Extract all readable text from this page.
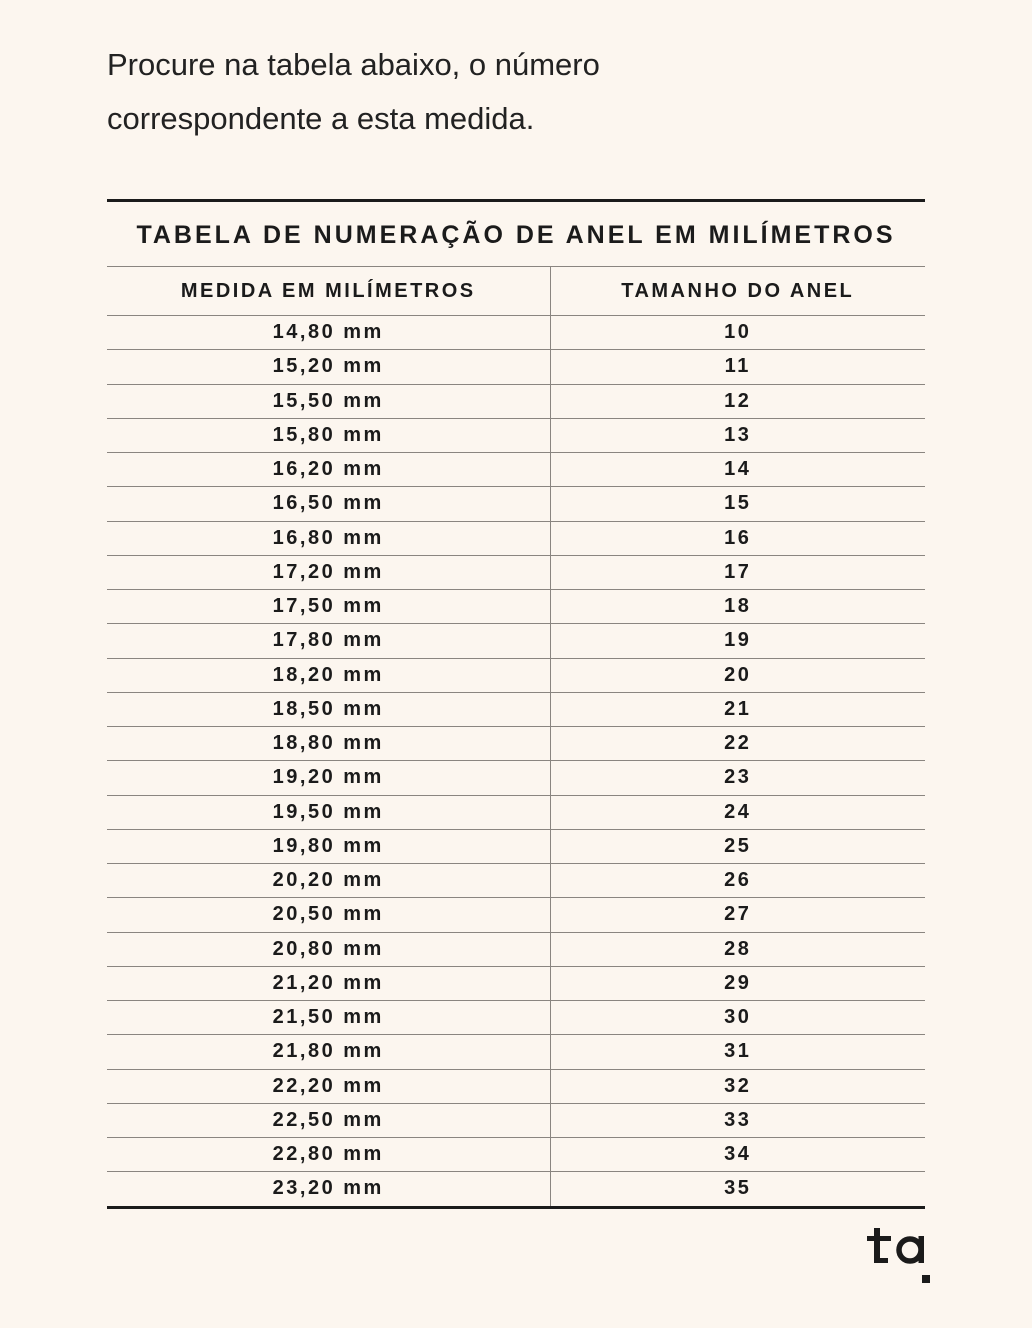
Procure na tabela abaixo, o número
correspondente a esta medida.

TABELA DE NUMERAÇÃO DE ANEL EM MILÍMETROS
MEDIDA EM MILÍMETROS	TAMANHO DO ANEL
14,80 mm	10
15,20 mm	11
15,50 mm	12
15,80 mm	13
16,20 mm	14
16,50 mm	15
16,80 mm	16
17,20 mm	17
17,50 mm	18
17,80 mm	19
18,20 mm	20
18,50 mm	21
18,80 mm	22
19,20 mm	23
19,50 mm	24
19,80 mm	25
20,20 mm	26
20,50 mm	27
20,80 mm	28
21,20 mm	29
21,50 mm	30
21,80 mm	31
22,20 mm	32
22,50 mm	33
22,80 mm	34
23,20 mm	35
